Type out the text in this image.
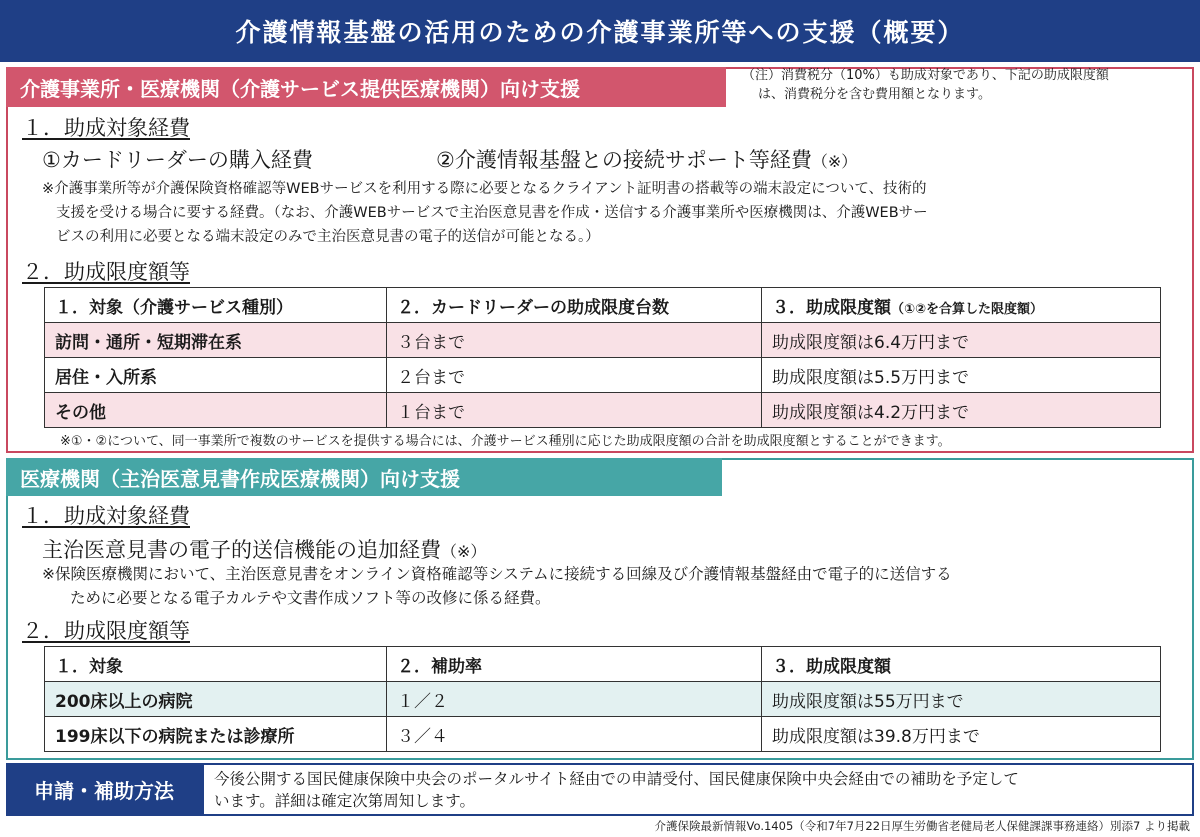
介護情報基盤の活用のための介護事業所等への支援（概要）
介護事業所・医療機関（介護サービス提供医療機関）向け支援
（注）消費税分（10%）も助成対象であり、下記の助成限度額
は、消費税分を含む費用額となります。
１．助成対象経費
①カードリーダーの購入経費	②介護情報基盤との接続サポート等経費（※）
※介護事業所等が介護保険資格確認等WEBサービスを利用する際に必要となるクライアント証明書の搭載等の端末設定について、技術的
支援を受ける場合に要する経費。（なお、介護WEBサービスで主治医意見書を作成・送信する介護事業所や医療機関は、介護WEBサー
ビスの利用に必要となる端末設定のみで主治医意見書の電子的送信が可能となる。）
２．助成限度額等
１．対象（介護サービス種別）	２．カードリーダーの助成限度台数	３．助成限度額（①②を合算した限度額）
訪問・通所・短期滞在系	３台まで	助成限度額は6.4万円まで
居住・入所系	２台まで	助成限度額は5.5万円まで
その他	１台まで	助成限度額は4.2万円まで
※①・②について、同一事業所で複数のサービスを提供する場合には、介護サービス種別に応じた助成限度額の合計を助成限度額とすることができます。
医療機関（主治医意見書作成医療機関）向け支援
１．助成対象経費
主治医意見書の電子的送信機能の追加経費（※）
※保険医療機関において、主治医意見書をオンライン資格確認等システムに接続する回線及び介護情報基盤経由で電子的に送信する
ために必要となる電子カルテや文書作成ソフト等の改修に係る経費。
２．助成限度額等
１．対象	２．補助率	３．助成限度額
200床以上の病院	１／２	助成限度額は55万円まで
199床以下の病院または診療所	３／４	助成限度額は39.8万円まで
申請・補助方法	今後公開する国民健康保険中央会のポータルサイト経由での申請受付、国民健康保険中央会経由での補助を予定して
います。詳細は確定次第周知します。
介護保険最新情報Vo.1405（令和7年7月22日厚生労働省老健局老人保健課課事務連絡）別添7 より掲載
